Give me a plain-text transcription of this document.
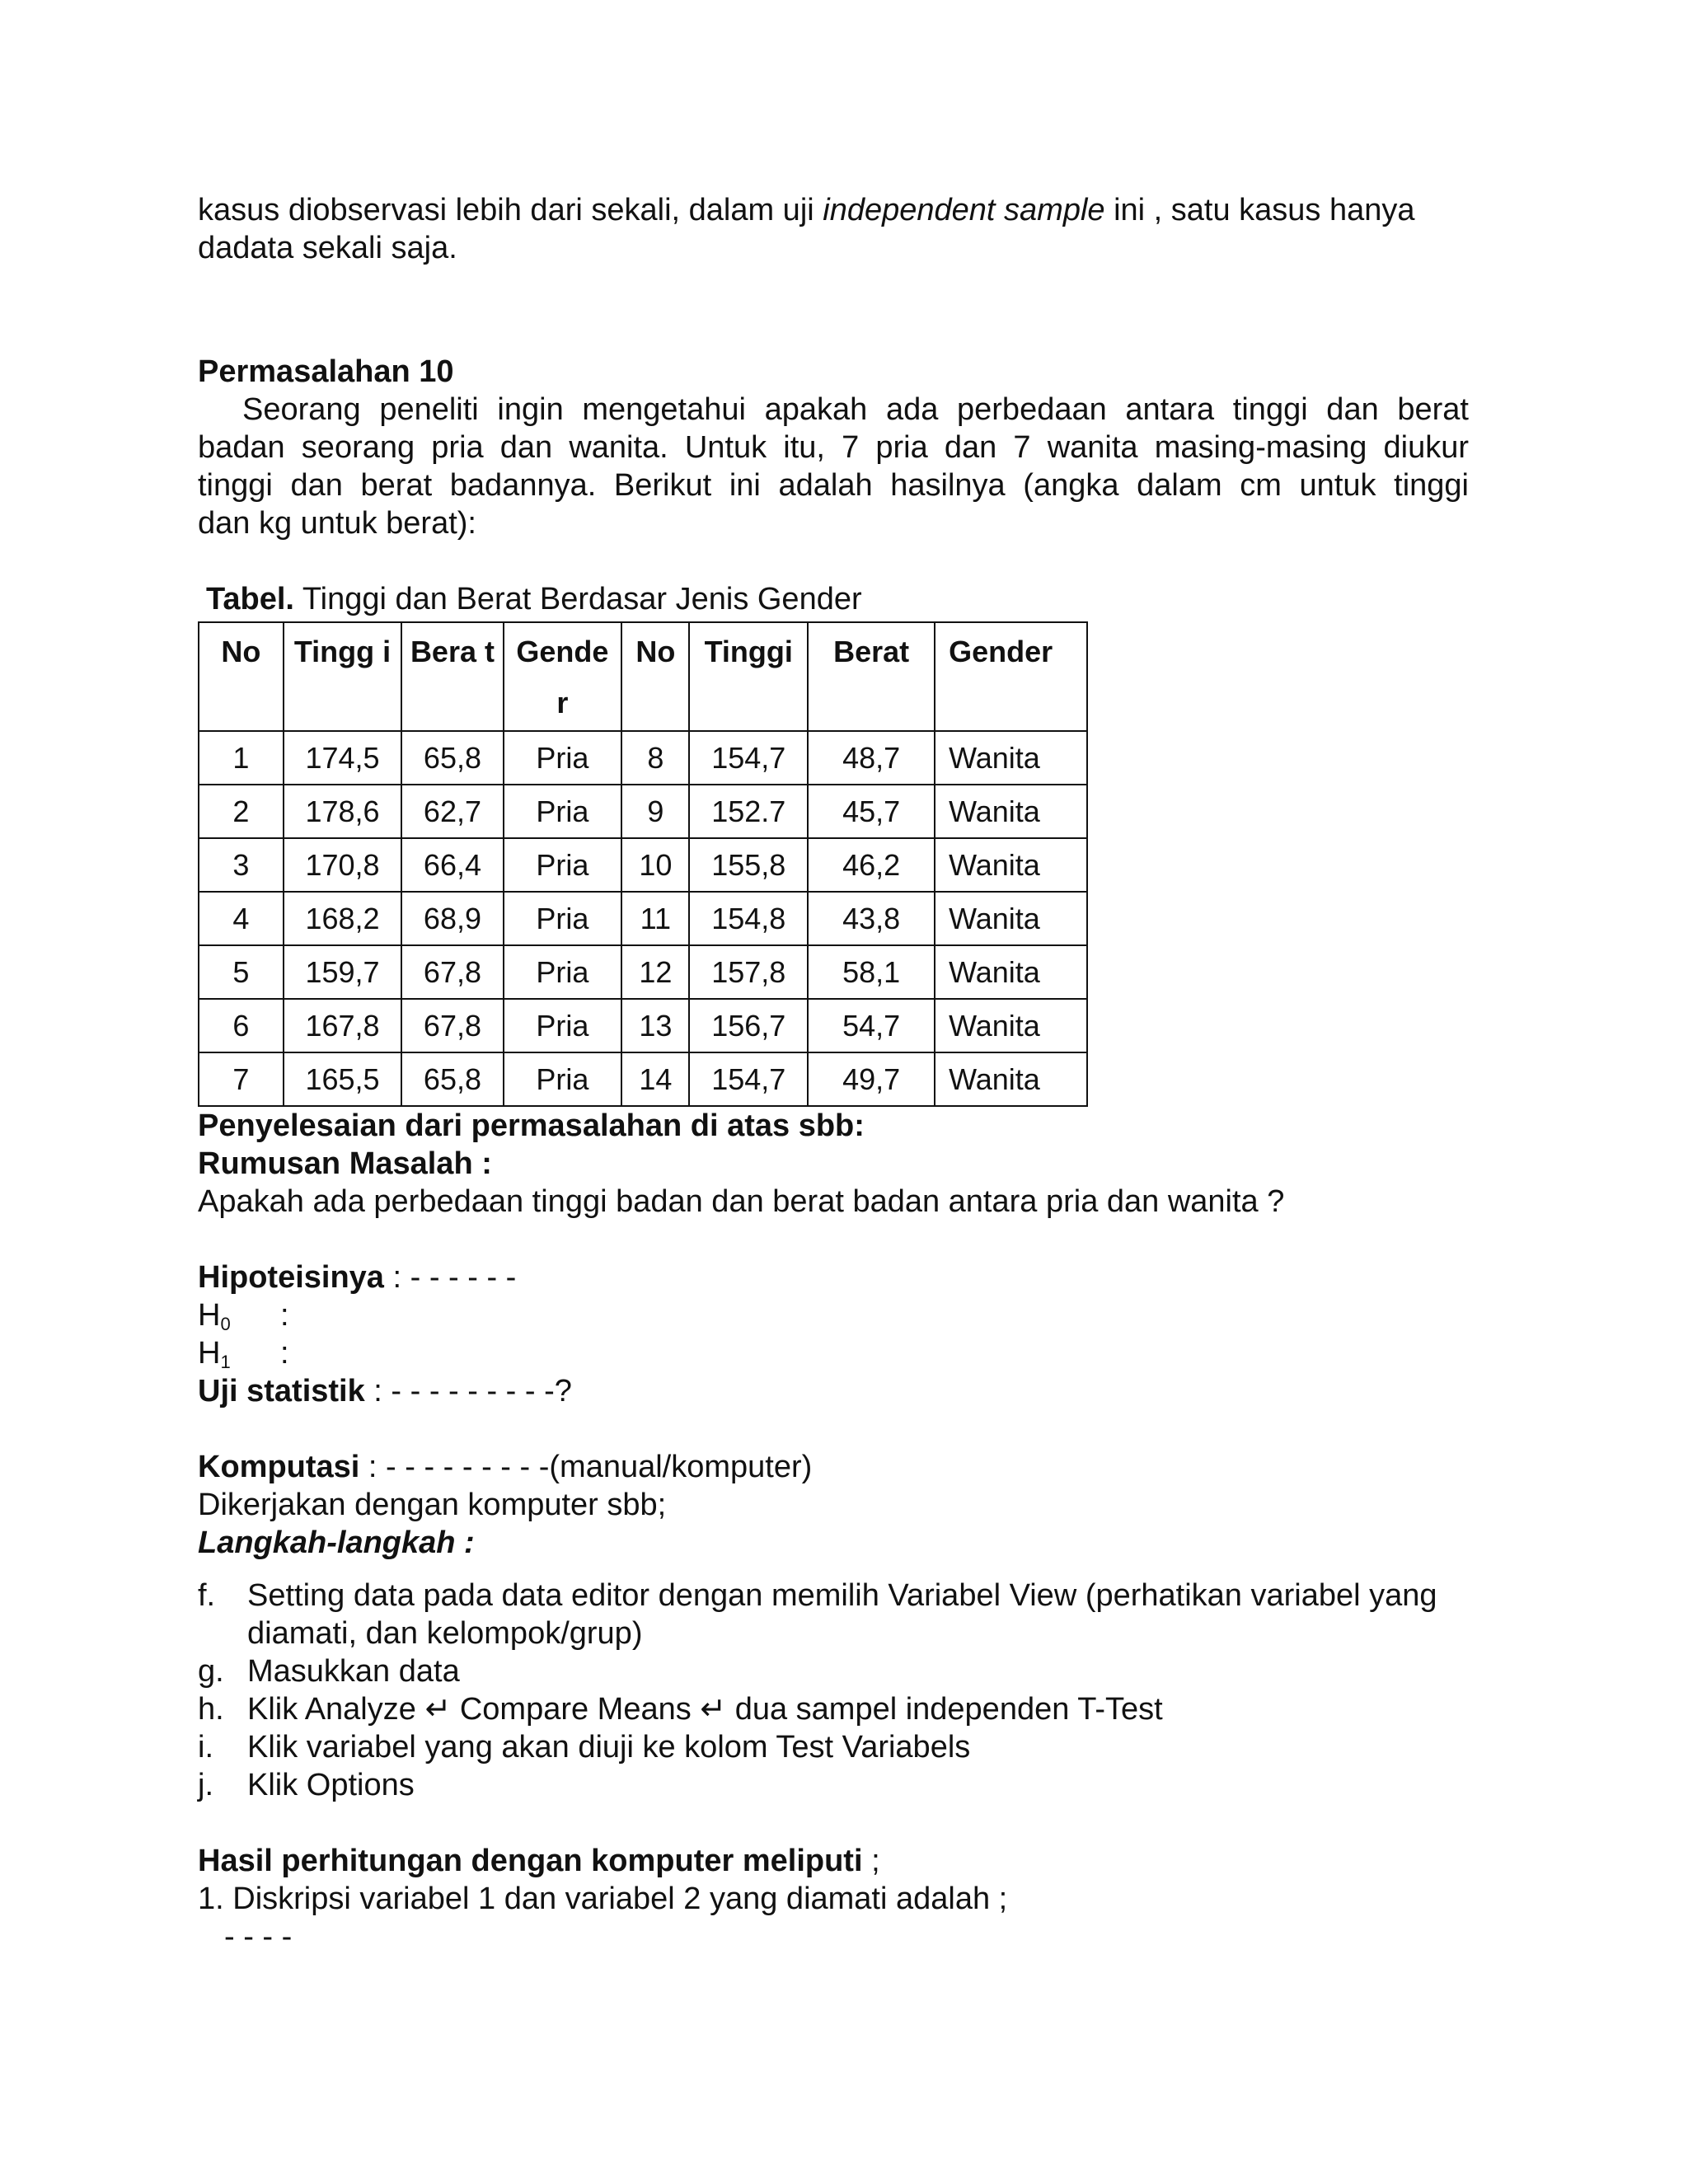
kasus diobservasi lebih dari sekali, dalam uji independent sample ini , satu kasus hanya
dadata sekali saja.

Permasalahan 10

Seorang peneliti ingin mengetahui apakah ada perbedaan antara tinggi dan berat

badan seorang pria dan wanita. Untuk itu, 7 pria dan 7 wanita masing-masing diukur

tinggi dan berat badannya. Berikut ini adalah hasilnya (angka dalam cm untuk tinggi

dan kg untuk berat):

Tabel. Tinggi dan Berat Berdasar Jenis Gender

No	Tingg i	Bera t	Gende r	No	Tinggi	Berat	Gender
1	174,5	65,8	Pria	8	154,7	48,7	Wanita
2	178,6	62,7	Pria	9	152.7	45,7	Wanita
3	170,8	66,4	Pria	10	155,8	46,2	Wanita
4	168,2	68,9	Pria	11	154,8	43,8	Wanita
5	159,7	67,8	Pria	12	157,8	58,1	Wanita
6	167,8	67,8	Pria	13	156,7	54,7	Wanita
7	165,5	65,8	Pria	14	154,7	49,7	Wanita

Penyelesaian dari permasalahan di atas sbb:

Rumusan Masalah :

Apakah ada perbedaan tinggi badan dan berat badan antara pria dan wanita ?

Hipoteisinya : - - - - - -

$H_0$	:
$H_1$	:

Uji statistik : - - - - - - - - -?

Komputasi : - - - - - - - - -(manual/komputer)

Dikerjakan dengan komputer sbb;

Langkah-langkah :

f.	Setting data pada data editor dengan memilih Variabel View (perhatikan variabel yang diamati, dan kelompok/grup)
g. Masukkan data
h. Klik Analyze ↵ Compare Means ↵ dua sampel independen T-Test
i.	Klik variabel yang akan diuji ke kolom Test Variabels
j.	Klik Options

Hasil perhitungan dengan komputer meliputi ;

1. Diskripsi variabel 1 dan variabel 2 yang diamati adalah ;

- - - -
